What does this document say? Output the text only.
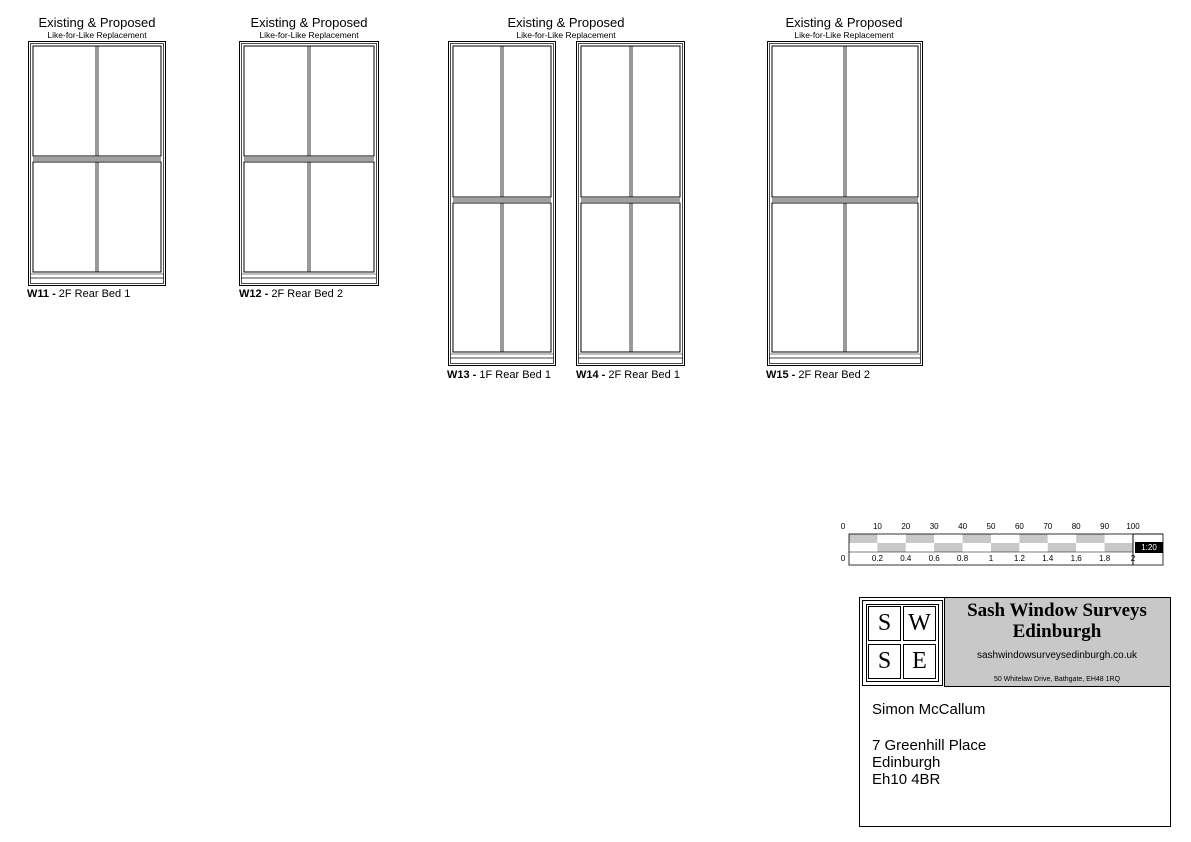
Existing & Proposed
Like-for-Like Replacement
Existing & Proposed
Like-for-Like Replacement
Existing & Proposed
Like-for-Like Replacement
Existing & Proposed
Like-for-Like Replacement
W11 - 2F Rear Bed 1	W12 - 2F Rear Bed 2
W13 - 1F Rear Bed 1 W14 - 2F Rear Bed 1	W15 - 2F Rear Bed 2
0	10	20	30	40	50	60	70	80	90	100
0	0.2	0.4	0.6	0.8	1	1.2	1.4	1.6	1.8	2
1:20
S W
S E
Sash Window Surveys
Edinburgh
sashwindowsurveysedinburgh.co.uk
50 Whitelaw Drive, Bathgate, EH48 1RQ
Simon McCallum
7 Greenhill Place
Edinburgh
Eh10 4BR
